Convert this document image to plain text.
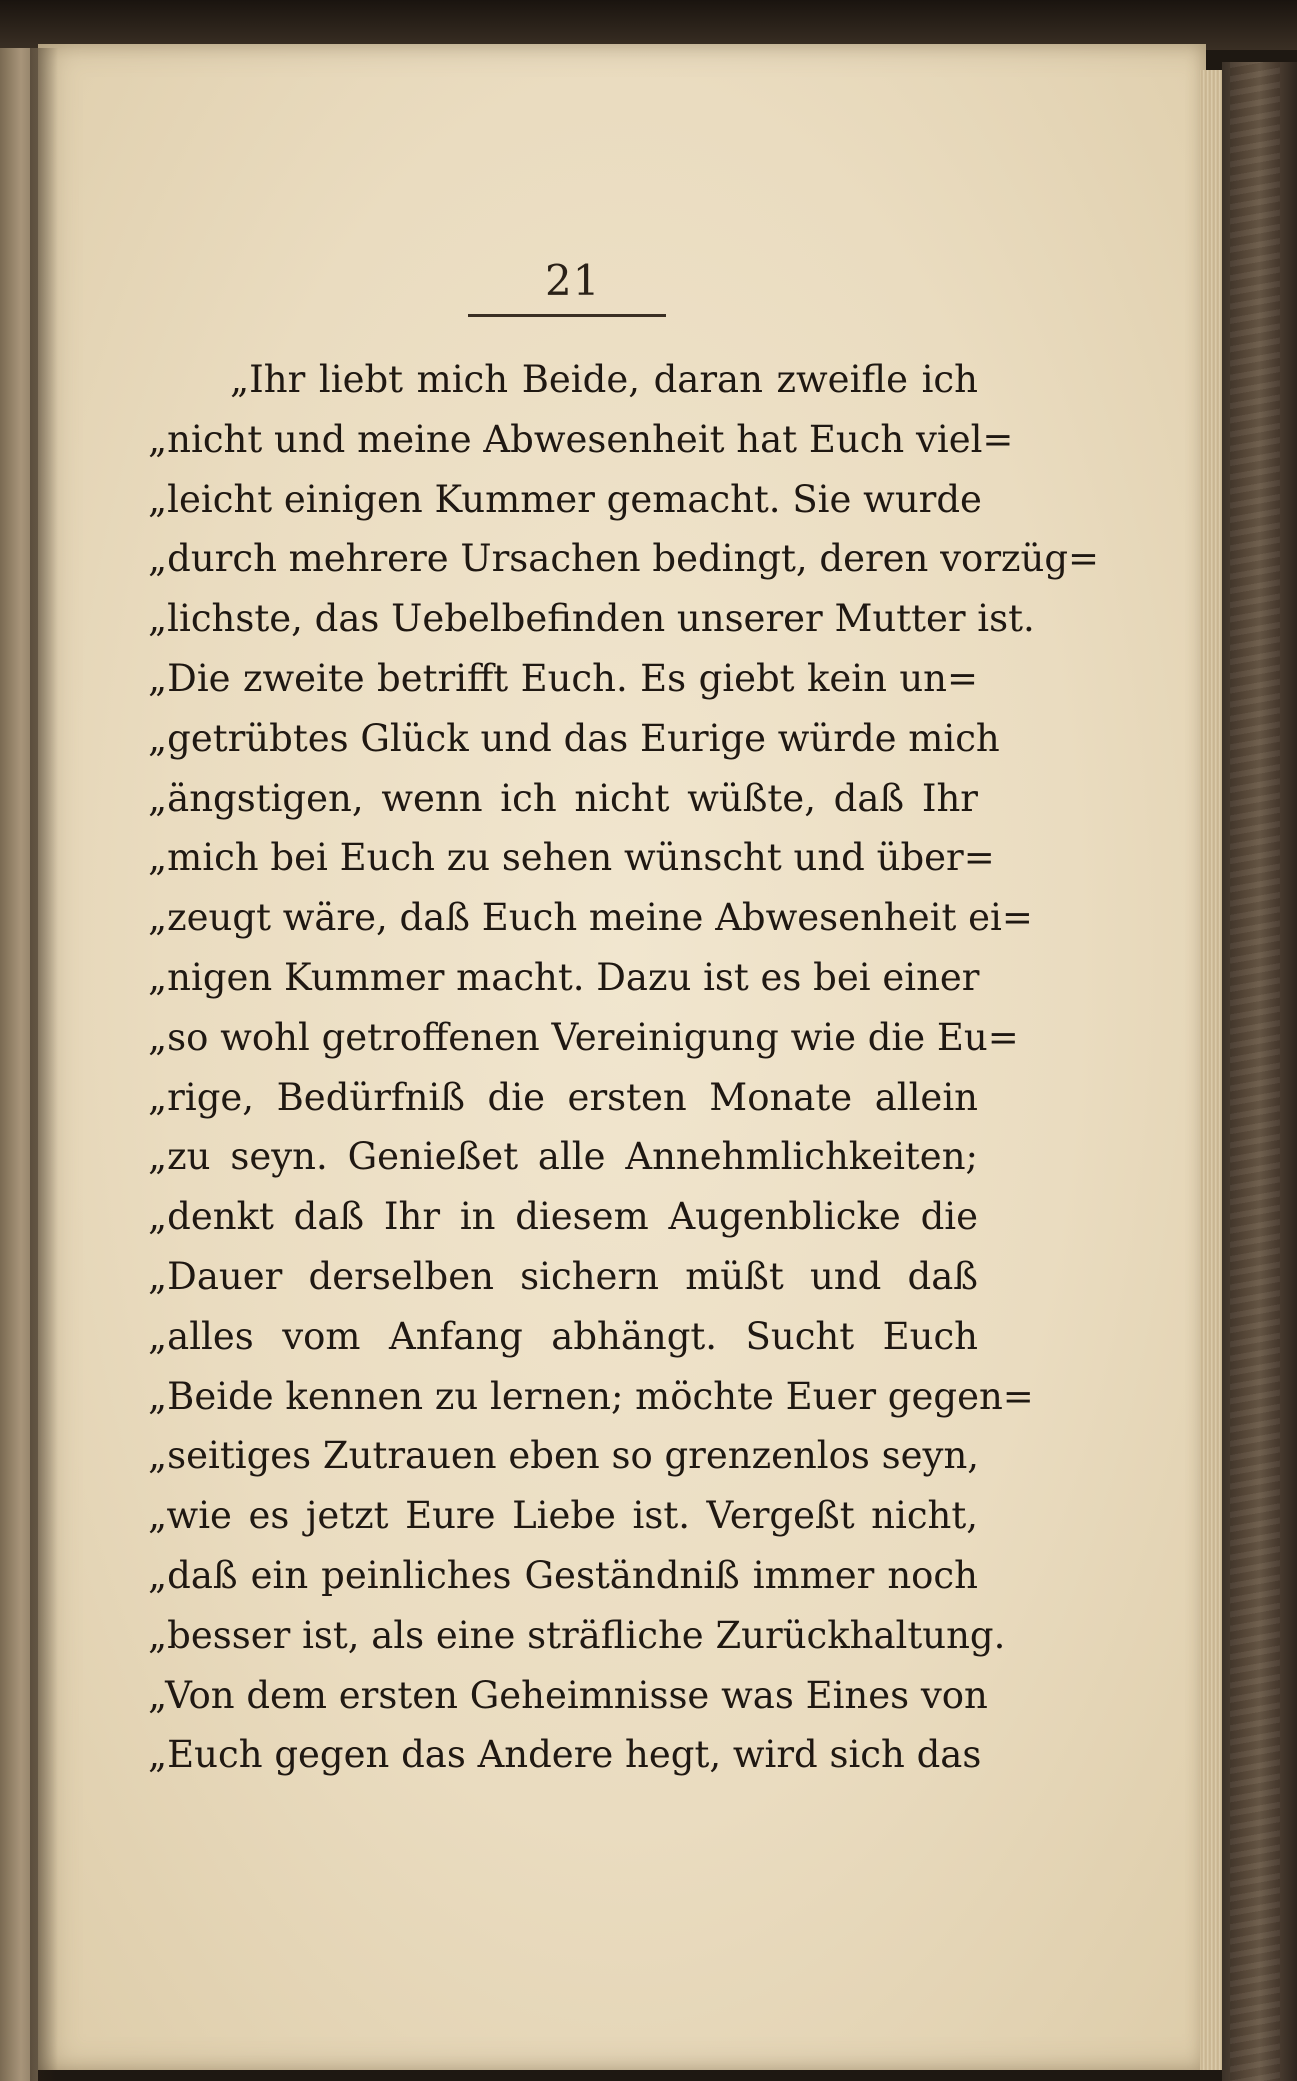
21
„Ihr liebt mich Beide, daran zweifle ich
„nicht und meine Abwesenheit hat Euch viel=
„leicht einigen Kummer gemacht. Sie wurde
„durch mehrere Ursachen bedingt, deren vorzüg=
„lichste, das Uebelbefinden unserer Mutter ist.
„Die zweite betrifft Euch. Es giebt kein un=
„getrübtes Glück und das Eurige würde mich
„ängstigen, wenn ich nicht wüßte, daß Ihr
„mich bei Euch zu sehen wünscht und über=
„zeugt wäre, daß Euch meine Abwesenheit ei=
„nigen Kummer macht. Dazu ist es bei einer
„so wohl getroffenen Vereinigung wie die Eu=
„rige, Bedürfniß die ersten Monate allein
„zu seyn. Genießet alle Annehmlichkeiten;
„denkt daß Ihr in diesem Augenblicke die
„Dauer derselben sichern müßt und daß
„alles vom Anfang abhängt. Sucht Euch
„Beide kennen zu lernen; möchte Euer gegen=
„seitiges Zutrauen eben so grenzenlos seyn,
„wie es jetzt Eure Liebe ist. Vergeßt nicht,
„daß ein peinliches Geständniß immer noch
„besser ist, als eine sträfliche Zurückhaltung.
„Von dem ersten Geheimnisse was Eines von
„Euch gegen das Andere hegt, wird sich das
